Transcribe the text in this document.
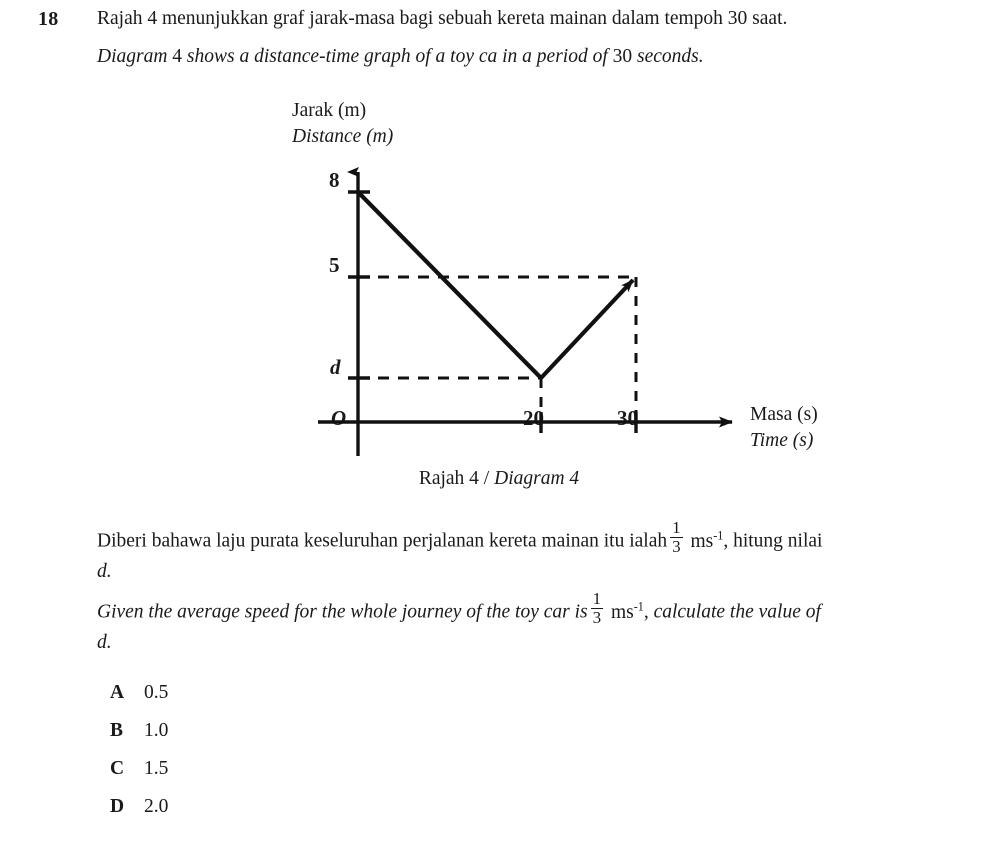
18 Rajah 4 menunjukkan graf jarak-masa bagi sebuah kereta mainan dalam tempoh 30 saat.
Diagram 4 shows a distance-time graph of a toy ca in a period of 30 seconds.
Jarak (m)
Distance (m)
Masa (s)
Time (s)
8
5
d
O	20	30
Rajah 4 / Diagram 4
Diberi bahawa laju purata keseluruhan perjalanan kereta mainan itu ialah $\frac{1}{3} ms^{-1}$, hitung nilai
d.
Given the average speed for the whole journey of the toy car is $\frac{1}{3} ms^{-1}$, calculate the value of
d.
A 0.5
B 1.0
C 1.5
D 2.0
